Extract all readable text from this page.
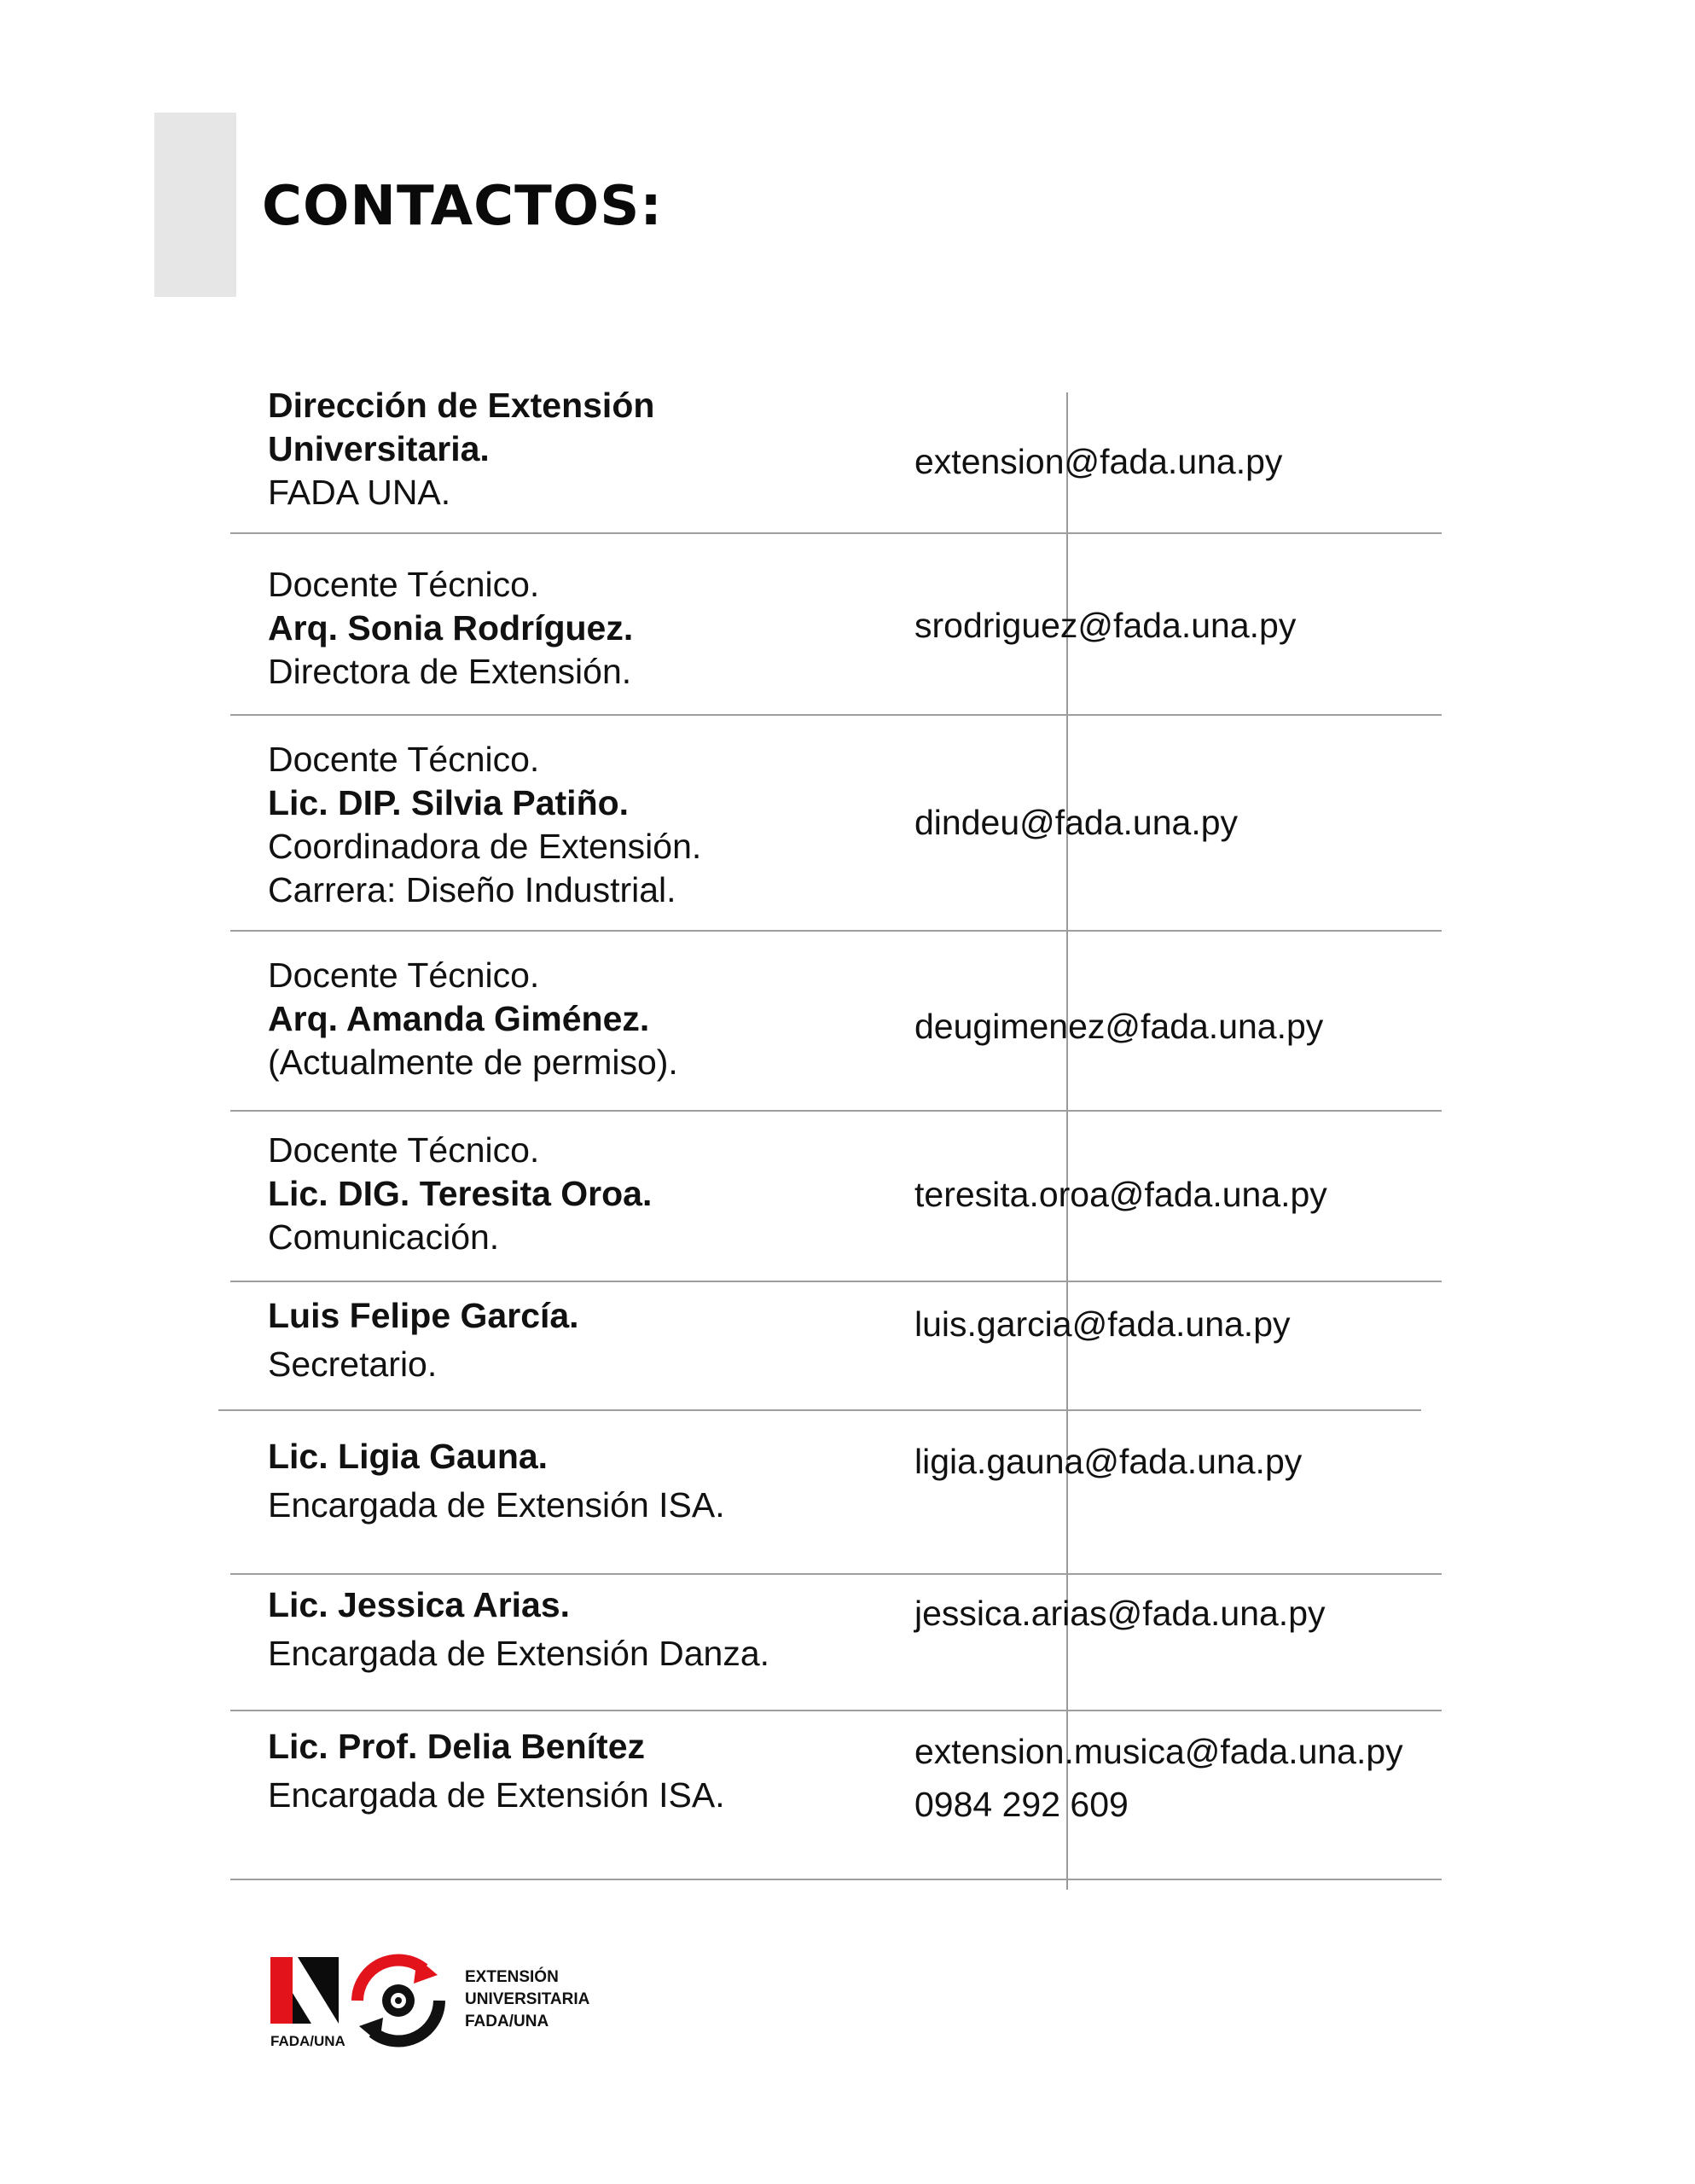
CONTACTOS:
Dirección de Extensión
Universitaria.
FADA UNA.
extension@fada.una.py
Docente Técnico.
Arq. Sonia Rodríguez.
Directora de Extensión.
srodriguez@fada.una.py
Docente Técnico.
Lic. DIP. Silvia Patiño.
Coordinadora de Extensión.
Carrera: Diseño Industrial.
dindeu@fada.una.py
Docente Técnico.
Arq. Amanda Giménez.
(Actualmente de permiso).
deugimenez@fada.una.py
Docente Técnico.
Lic. DIG. Teresita Oroa.
Comunicación.
teresita.oroa@fada.una.py
Luis Felipe García.
Secretario.
luis.garcia@fada.una.py
Lic. Ligia Gauna.
Encargada de Extensión ISA.
ligia.gauna@fada.una.py
Lic. Jessica Arias.
Encargada de Extensión Danza.
jessica.arias@fada.una.py
Lic. Prof. Delia Benítez
Encargada de Extensión ISA.
extension.musica@fada.una.py
0984 292 609
FADA/UNA
EXTENSIÓN
UNIVERSITARIA
FADA/UNA
